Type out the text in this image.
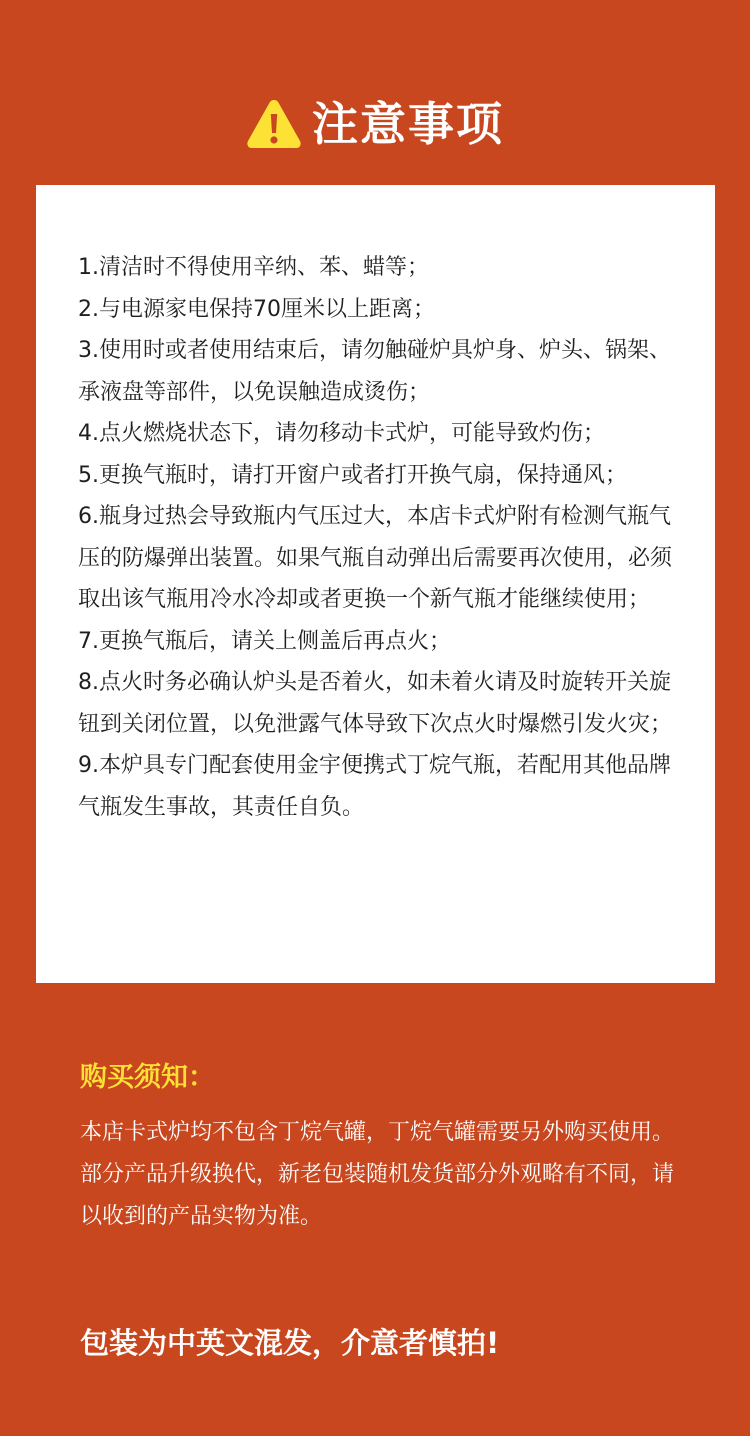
注意事项
1.清洁时不得使用辛纳、苯、蜡等；
2.与电源家电保持70厘米以上距离；
3.使用时或者使用结束后，请勿触碰炉具炉身、炉头、锅架、承液盘等部件，以免误触造成烫伤；
4.点火燃烧状态下，请勿移动卡式炉，可能导致灼伤；
5.更换气瓶时，请打开窗户或者打开换气扇，保持通风；
6.瓶身过热会导致瓶内气压过大，本店卡式炉附有检测气瓶气压的防爆弹出装置。如果气瓶自动弹出后需要再次使用，必须取出该气瓶用冷水冷却或者更换一个新气瓶才能继续使用；
7.更换气瓶后，请关上侧盖后再点火；
8.点火时务必确认炉头是否着火，如未着火请及时旋转开关旋钮到关闭位置，以免泄露气体导致下次点火时爆燃引发火灾；
9.本炉具专门配套使用金宇便携式丁烷气瓶，若配用其他品牌气瓶发生事故，其责任自负。
购买须知：

本店卡式炉均不包含丁烷气罐，丁烷气罐需要另外购买使用。

部分产品升级换代，新老包装随机发货部分外观略有不同，请以收到的产品实物为准。

包装为中英文混发，介意者慎拍!
